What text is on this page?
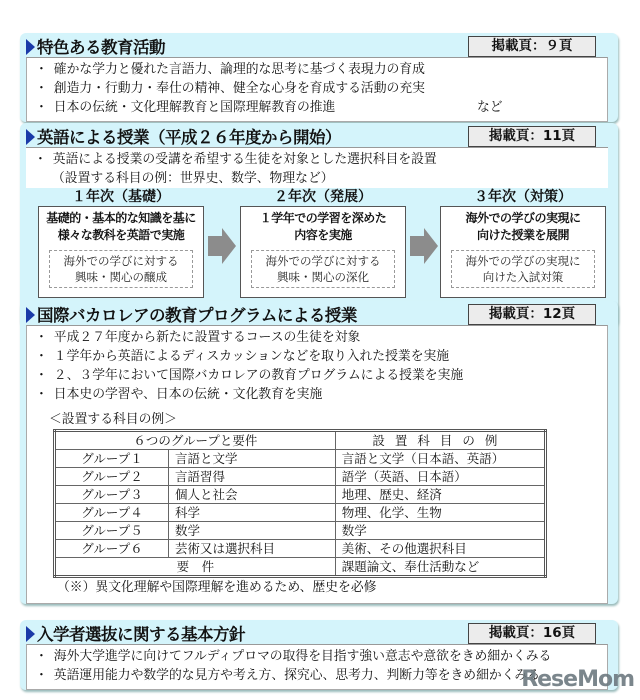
特色ある教育活動	掲載頁：９頁
・ 確かな学力と優れた言語力、論理的な思考に基づく表現力の育成
・ 創造力・行動力・奉仕の精神、健全な心身を育成する活動の充実
・ 日本の伝統・文化理解教育と国際理解教育の推進	など
英語による授業（平成２６年度から開始）	掲載頁：11頁
・ 英語による授業の受講を希望する生徒を対象とした選択科目を設置
（設置する科目の例：世界史、数学、物理など）
１年次（基礎）
基礎的・基本的な知識を基に
様々な教科を英語で実施
海外での学びに対する
興味・関心の醸成
２年次（発展）
１学年での学習を深めた
内容を実施
海外での学びに対する
興味・関心の深化
３年次（対策）
海外での学びの実現に
向けた授業を展開
海外での学びの実現に
向けた入試対策
国際バカロレアの教育プログラムによる授業	掲載頁：12頁
・ 平成２７年度から新たに設置するコースの生徒を対象
・ １学年から英語によるディスカッションなどを取り入れた授業を実施
・ ２、３学年において国際バカロレアの教育プログラムによる授業を実施
・ 日本史の学習や、日本の伝統・文化教育を実施
＜設置する科目の例＞
６つのグループと要件		設置科目の例
グループ１	言語と文学	言語と文学（日本語、英語）
グループ２	言語習得	語学（英語、日本語）
グループ３	個人と社会	地理、歴史、経済
グループ４	科学	物理、化学、生物
グループ５	数学	数学
グループ６	芸術又は選択科目	美術、その他選択科目
要　件		課題論文、奉仕活動など
（※）異文化理解や国際理解を進めるため、歴史を必修
入学者選抜に関する基本方針	掲載頁：16頁
・ 海外大学進学に向けてフルディプロマの取得を目指す強い意志や意欲をきめ細かくみる
・ 英語運用能力や数学的な見方や考え方、探究心、思考力、判断力等をきめ細かくみる
ReseMom
